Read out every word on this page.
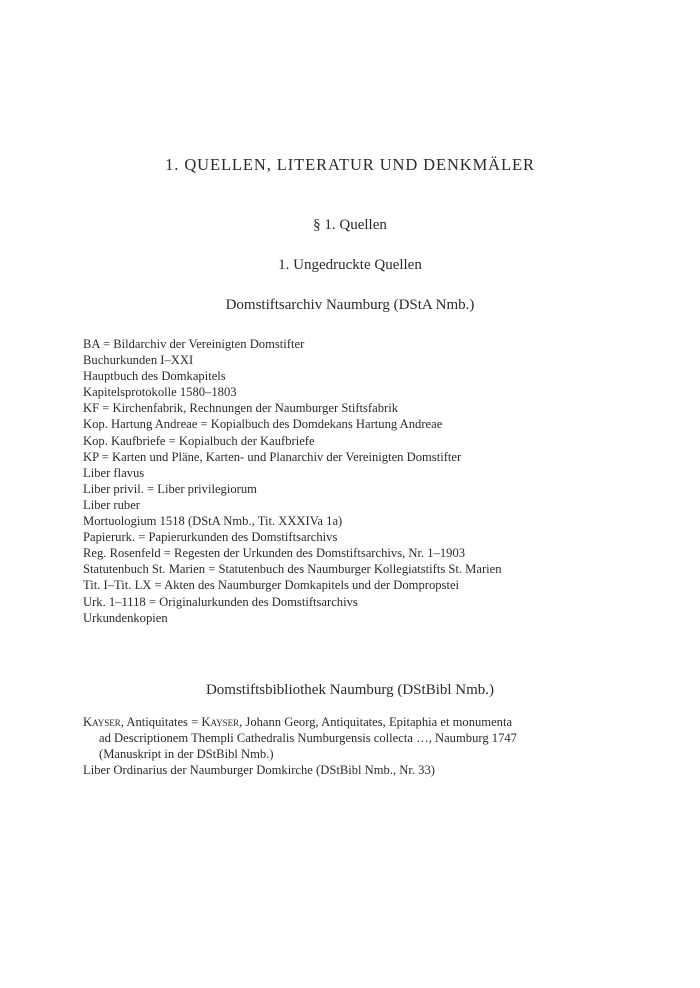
1. QUELLEN, LITERATUR UND DENKMÄLER
§ 1. Quellen
1. Ungedruckte Quellen
Domstiftsarchiv Naumburg (DStA Nmb.)
BA = Bildarchiv der Vereinigten Domstifter
Buchurkunden I–XXI
Hauptbuch des Domkapitels
Kapitelsprotokolle 1580–1803
KF = Kirchenfabrik, Rechnungen der Naumburger Stiftsfabrik
Kop. Hartung Andreae = Kopialbuch des Domdekans Hartung Andreae
Kop. Kaufbriefe = Kopialbuch der Kaufbriefe
KP = Karten und Pläne, Karten- und Planarchiv der Vereinigten Domstifter
Liber flavus
Liber privil. = Liber privilegiorum
Liber ruber
Mortuologium 1518 (DStA Nmb., Tit. XXXIVa 1a)
Papierurk. = Papierurkunden des Domstiftsarchivs
Reg. Rosenfeld = Regesten der Urkunden des Domstiftsarchivs, Nr. 1–1903
Statutenbuch St. Marien = Statutenbuch des Naumburger Kollegiatstifts St. Marien
Tit. I–Tit. LX = Akten des Naumburger Domkapitels und der Dompropstei
Urk. 1–1118 = Originalurkunden des Domstiftsarchivs
Urkundenkopien
Domstiftsbibliothek Naumburg (DStBibl Nmb.)
Kayser, Antiquitates = Kayser, Johann Georg, Antiquitates, Epitaphia et monumenta
ad Descriptionem Thempli Cathedralis Numburgensis collecta …, Naumburg 1747
(Manuskript in der DStBibl Nmb.)
Liber Ordinarius der Naumburger Domkirche (DStBibl Nmb., Nr. 33)
